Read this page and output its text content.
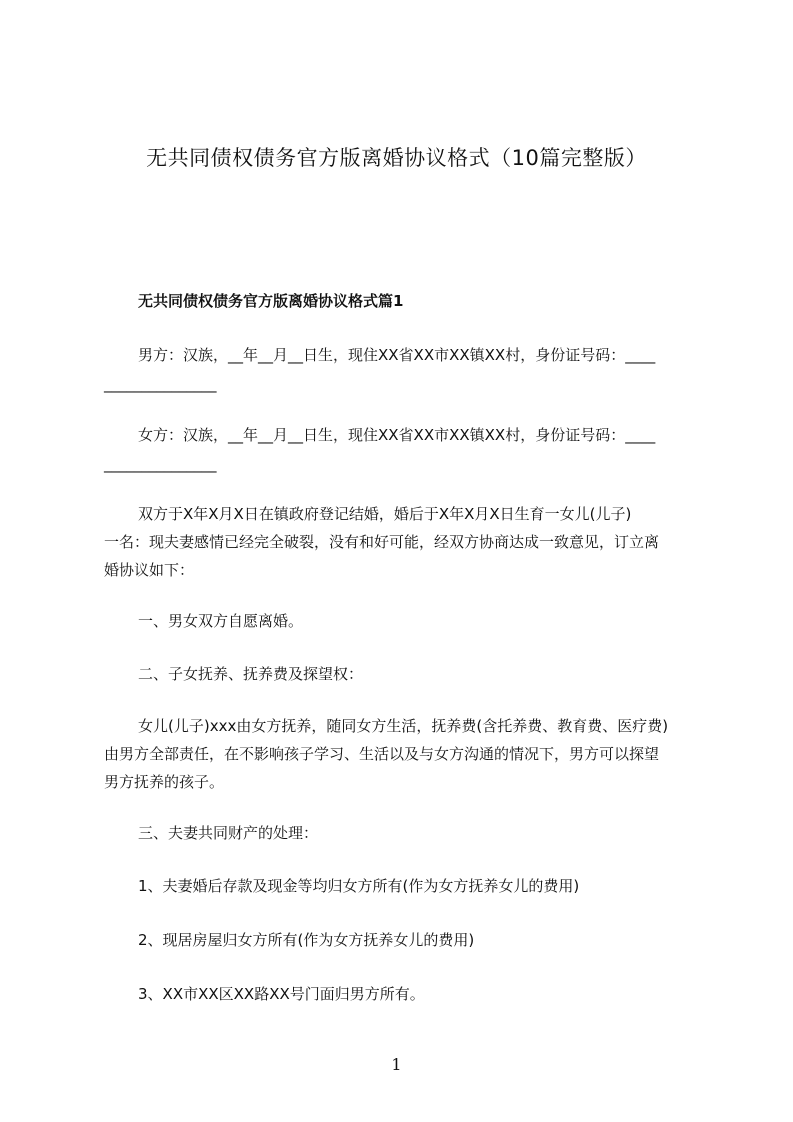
无共同债权债务官方版离婚协议格式（10篇完整版）
无共同债权债务官方版离婚协议格式篇1
男方：汉族，__年__月__日生，现住XX省XX市XX镇XX村，身份证号码：____
_______________
女方：汉族，__年__月__日生，现住XX省XX市XX镇XX村，身份证号码：____
_______________
双方于X年X月X日在镇政府登记结婚，婚后于X年X月X日生育一女儿(儿子)
一名：现夫妻感情已经完全破裂，没有和好可能，经双方协商达成一致意见，订立离
婚协议如下：
一、男女双方自愿离婚。
二、子女抚养、抚养费及探望权：
女儿(儿子)xxx由女方抚养，随同女方生活，抚养费(含托养费、教育费、医疗费)
由男方全部责任，在不影响孩子学习、生活以及与女方沟通的情况下，男方可以探望
男方抚养的孩子。
三、夫妻共同财产的处理：
1、夫妻婚后存款及现金等均归女方所有(作为女方抚养女儿的费用)
2、现居房屋归女方所有(作为女方抚养女儿的费用)
3、XX市XX区XX路XX号门面归男方所有。
1
